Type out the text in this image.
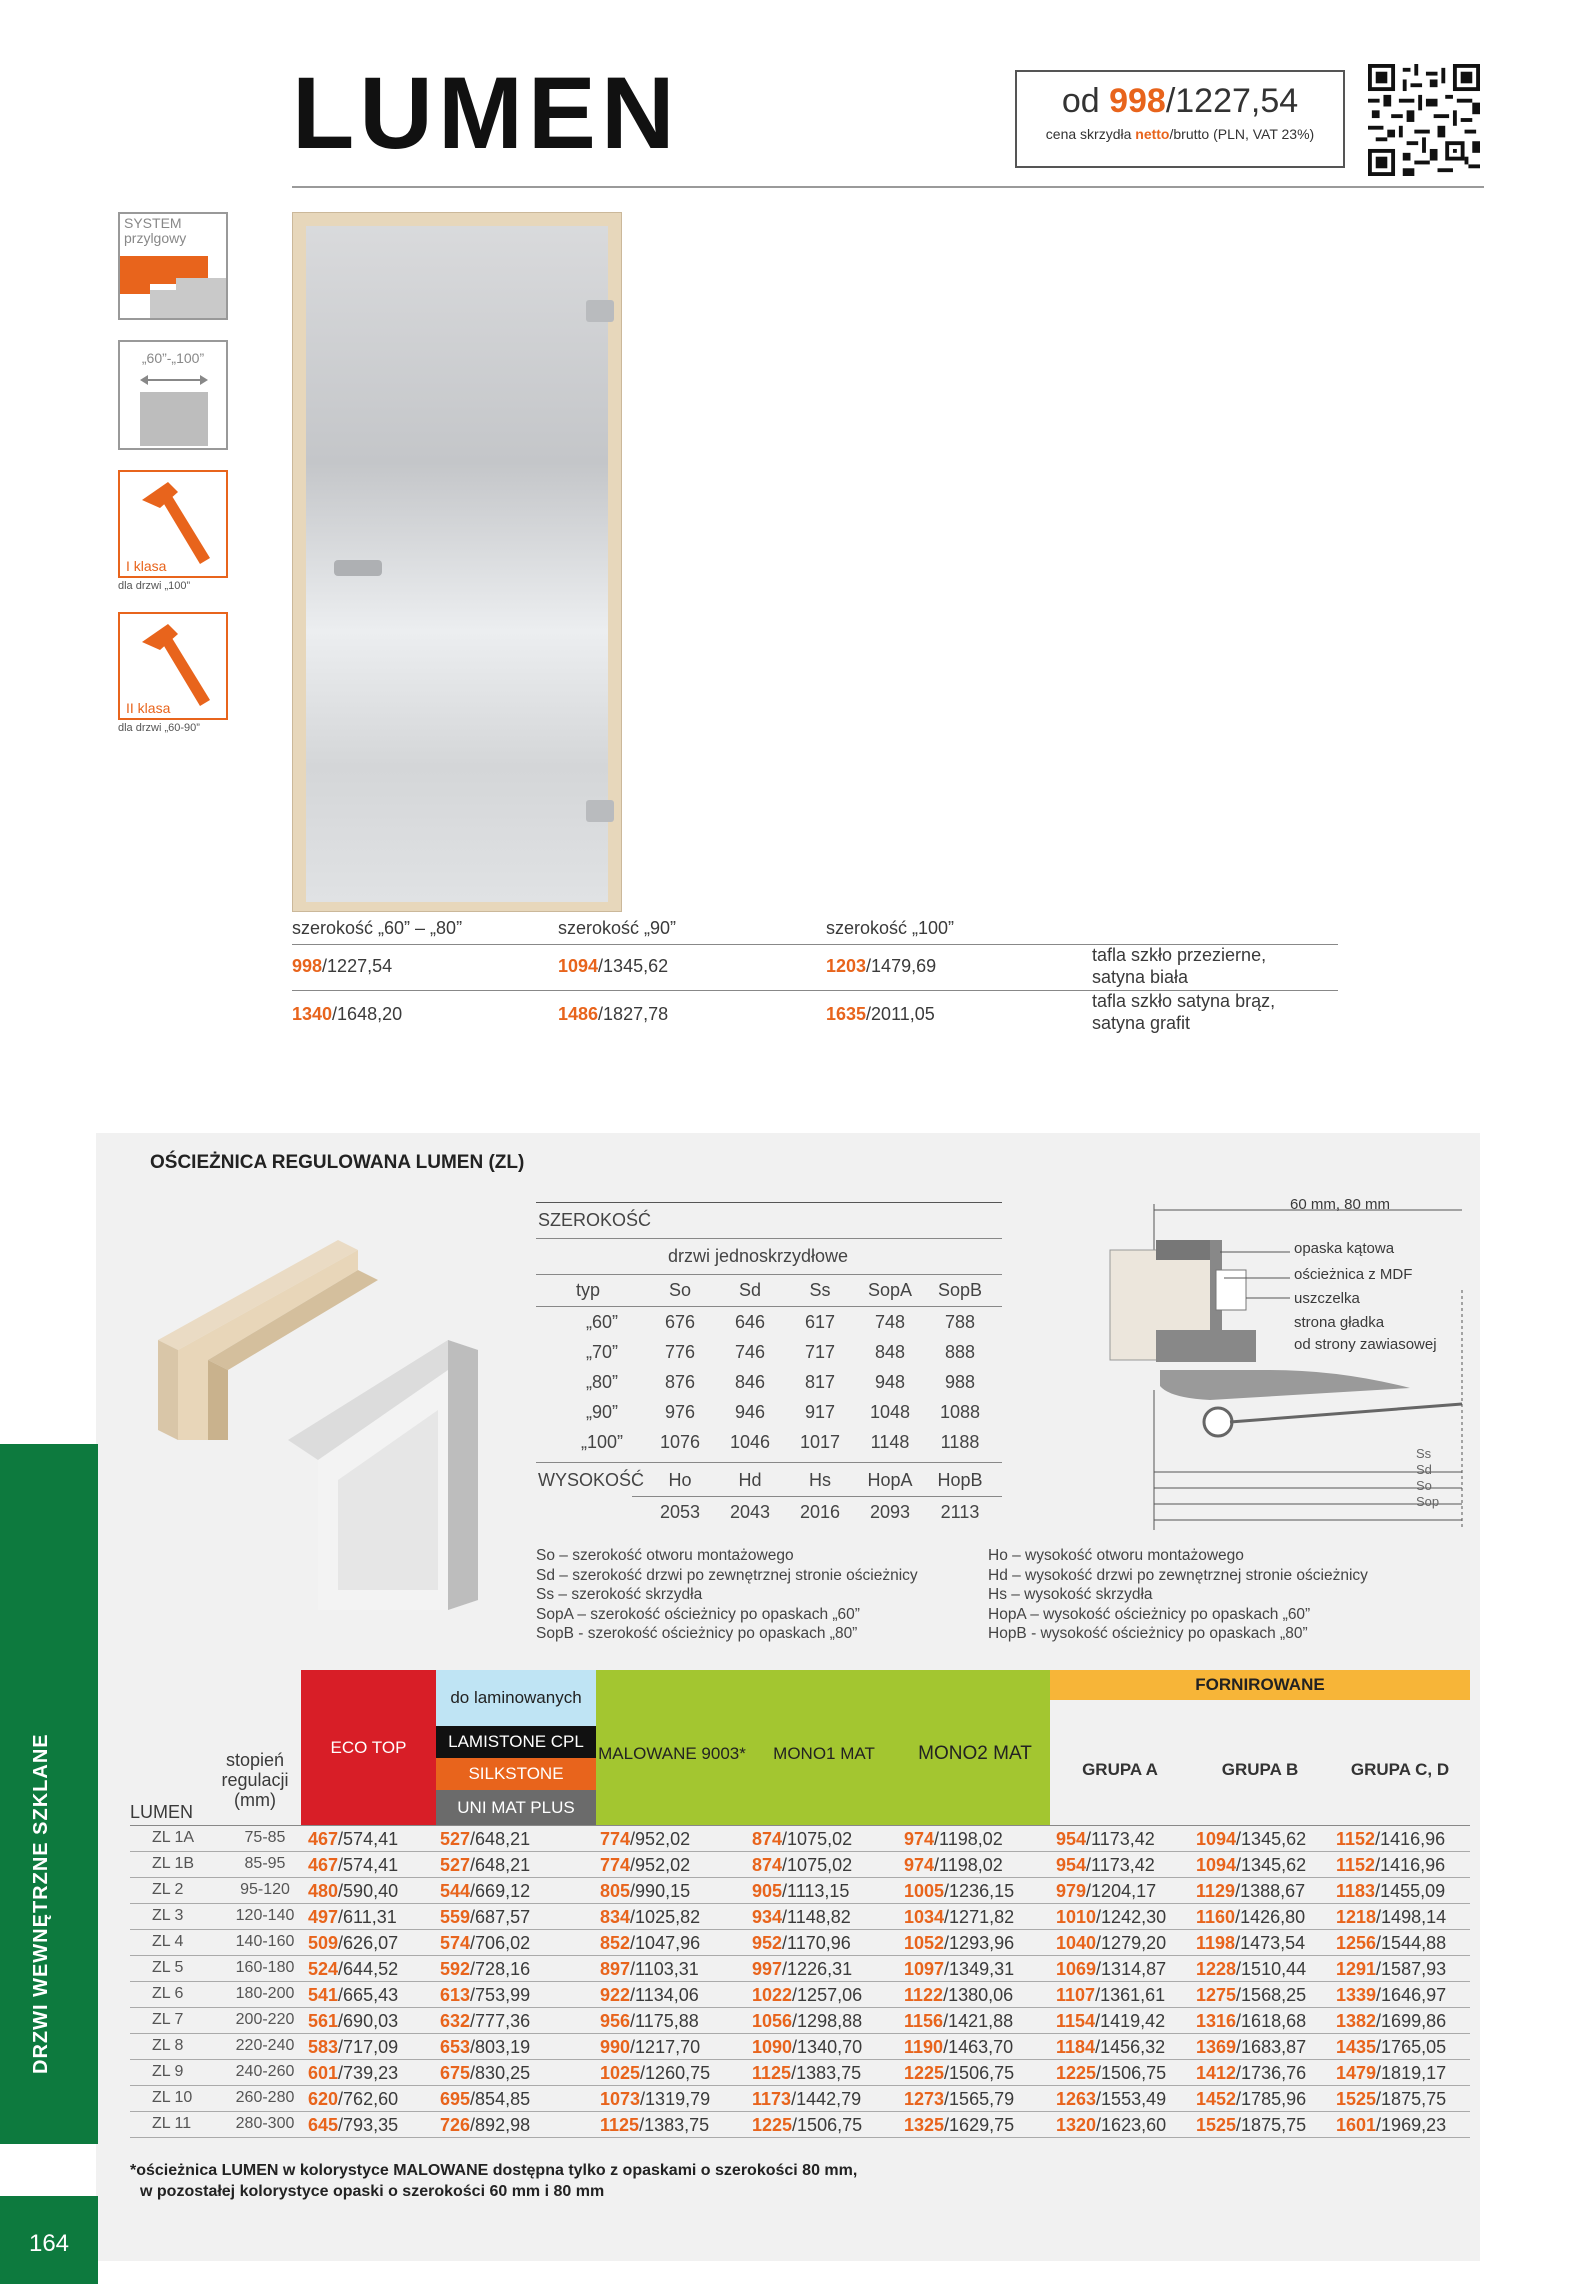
LUMEN	od 998/1227,54
cena skrzydła netto/brutto (PLN, VAT 23%)
SYSTEM przylgowy
„60”-„100”
I klasa
dla drzwi „100”
II klasa
dla drzwi „60-90”
szerokość „60” – „80”	szerokość „90”	szerokość „100”
998/1227,54	1094/1345,62	1203/1479,69
tafla szkło przezierne,
satyna biała
1340/1648,20	1486/1827,78	1635/2011,05
tafla szkło satyna brąz,
satyna grafit
OŚCIEŻNICA REGULOWANA LUMEN (ZL)
SZEROKOŚĆ
drzwi jednoskrzydłowe
typ	So	Sd	Ss	SopA	SopB
„60”	676	646	617	748	788
„70”	776	746	717	848	888
„80”	876	846	817	948	988
„90”	976	946	917	1048	1088
„100”	1076	1046	1017	1148	1188
WYSOKOŚĆ	Ho	Hd	Hs	HopA	HopB
2053	2043	2016	2093	2113
So – szerokość otworu montażowego
Sd – szerokość drzwi po zewnętrznej stronie ościeżnicy
Ss – szerokość skrzydła
SopA – szerokość ościeżnicy po opaskach „60”
SopB - szerokość ościeżnicy po opaskach „80”
Ho – wysokość otworu montażowego
Hd – wysokość drzwi po zewnętrznej stronie ościeżnicy
Hs – wysokość skrzydła
HopA – wysokość ościeżnicy po opaskach „60”
HopB - wysokość ościeżnicy po opaskach „80”
60 mm, 80 mm
opaska kątowa
ościeżnica z MDF
uszczelka
strona gładka
od strony zawiasowej
Ss
Sd
So
Sop
LUMEN
stopień regulacji (mm)
ECO TOP
do laminowanych
LAMISTONE CPL
SILKSTONE
UNI MAT PLUS
MALOWANE 9003*	MONO1 MAT	MONO2 MAT
FORNIROWANE
GRUPA A	GRUPA B	GRUPA C, D
ZL 1A	75-85	467/574,41 527/648,21	774/952,02	874/1075,02	974/1198,02	954/1173,42 1094/1345,62 1152/1416,96
ZL 1B	85-95	467/574,41 527/648,21	774/952,02	874/1075,02	974/1198,02	954/1173,42 1094/1345,62 1152/1416,96
ZL 2	95-120	480/590,40 544/669,12	805/990,15	905/1113,15	1005/1236,15 979/1204,17 1129/1388,67 1183/1455,09
ZL 3	120-140 497/611,31 559/687,57	834/1025,82	934/1148,82	1034/1271,82 1010/1242,30 1160/1426,80 1218/1498,14
ZL 4	140-160 509/626,07 574/706,02	852/1047,96	952/1170,96	1052/1293,96 1040/1279,20 1198/1473,54 1256/1544,88
ZL 5	160-180 524/644,52 592/728,16	897/1103,31	997/1226,31	1097/1349,31 1069/1314,87 1228/1510,44 1291/1587,93
ZL 6	180-200 541/665,43 613/753,99	922/1134,06	1022/1257,06 1122/1380,06 1107/1361,61 1275/1568,25 1339/1646,97
ZL 7	200-220 561/690,03 632/777,36	956/1175,88	1056/1298,88 1156/1421,88 1154/1419,42 1316/1618,68 1382/1699,86
ZL 8	220-240 583/717,09 653/803,19	990/1217,70	1090/1340,70 1190/1463,70 1184/1456,32 1369/1683,87 1435/1765,05
ZL 9	240-260 601/739,23 675/830,25	1025/1260,75 1125/1383,75 1225/1506,75 1225/1506,75 1412/1736,76 1479/1819,17
ZL 10	260-280 620/762,60 695/854,85	1073/1319,79 1173/1442,79 1273/1565,79 1263/1553,49 1452/1785,96 1525/1875,75
ZL 11	280-300 645/793,35 726/892,98	1125/1383,75 1225/1506,75 1325/1629,75 1320/1623,60 1525/1875,75 1601/1969,23
*ościeżnica LUMEN w kolorystyce MALOWANE dostępna tylko z opaskami o szerokości 80 mm,
w pozostałej kolorystyce opaski o szerokości 60 mm i 80 mm
DRZWI WEWNĘTRZNE SZKLANE
164
